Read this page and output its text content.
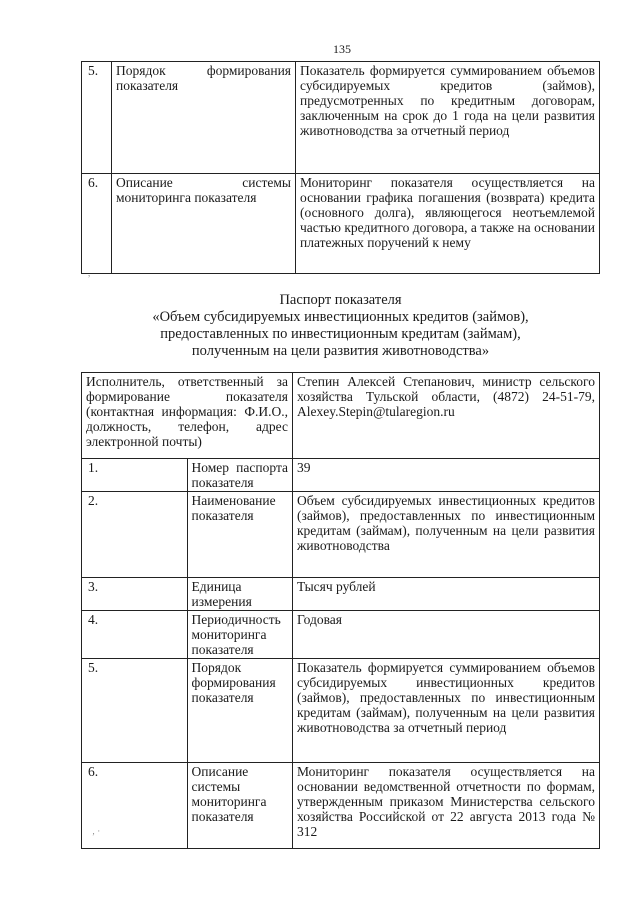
135
5.	Порядок формирования показателя	Показатель формируется суммированием объемов субсидируемых кредитов (займов), предусмотренных по кредитным договорам, заключенным на срок до 1 года на цели развития животноводства за отчетный период
6.	Описание системы мониторинга показателя	Мониторинг показателя осуществляется на основании графика погашения (возврата) кредита (основного долга), являющегося неотъемлемой частью кредитного договора, а также на основании платежных поручений к нему
Паспорт показателя
«Объем субсидируемых инвестиционных кредитов (займов),
предоставленных по инвестиционным кредитам (займам),
полученным на цели развития животноводства»
Исполнитель, ответственный за формирование показателя (контактная информация: Ф.И.О., должность, телефон, адрес электронной почты)		Степин Алексей Степанович, министр сельского хозяйства Тульской области, (4872) 24-51-79, Alexey.Stepin@tularegion.ru
1.	Номер паспорта показателя	39
2.	Наименование показателя	Объем субсидируемых инвестиционных кредитов (займов), предоставленных по инвестиционным кредитам (займам), полученным на цели развития животноводства
3.	Единица измерения	Тысяч рублей
4.	Периодичность мониторинга показателя	Годовая
5.	Порядок формирования показателя	Показатель формируется суммированием объемов субсидируемых инвестиционных кредитов (займов), предоставленных по инвестиционным кредитам (займам), полученным на цели развития животноводства за отчетный период
6.	Описание системы мониторинга показателя	Мониторинг показателя осуществляется на основании ведомственной отчетности по формам, утвержденным приказом Министерства сельского хозяйства Российской от 22 августа 2013 года № 312
,
‚ ·
